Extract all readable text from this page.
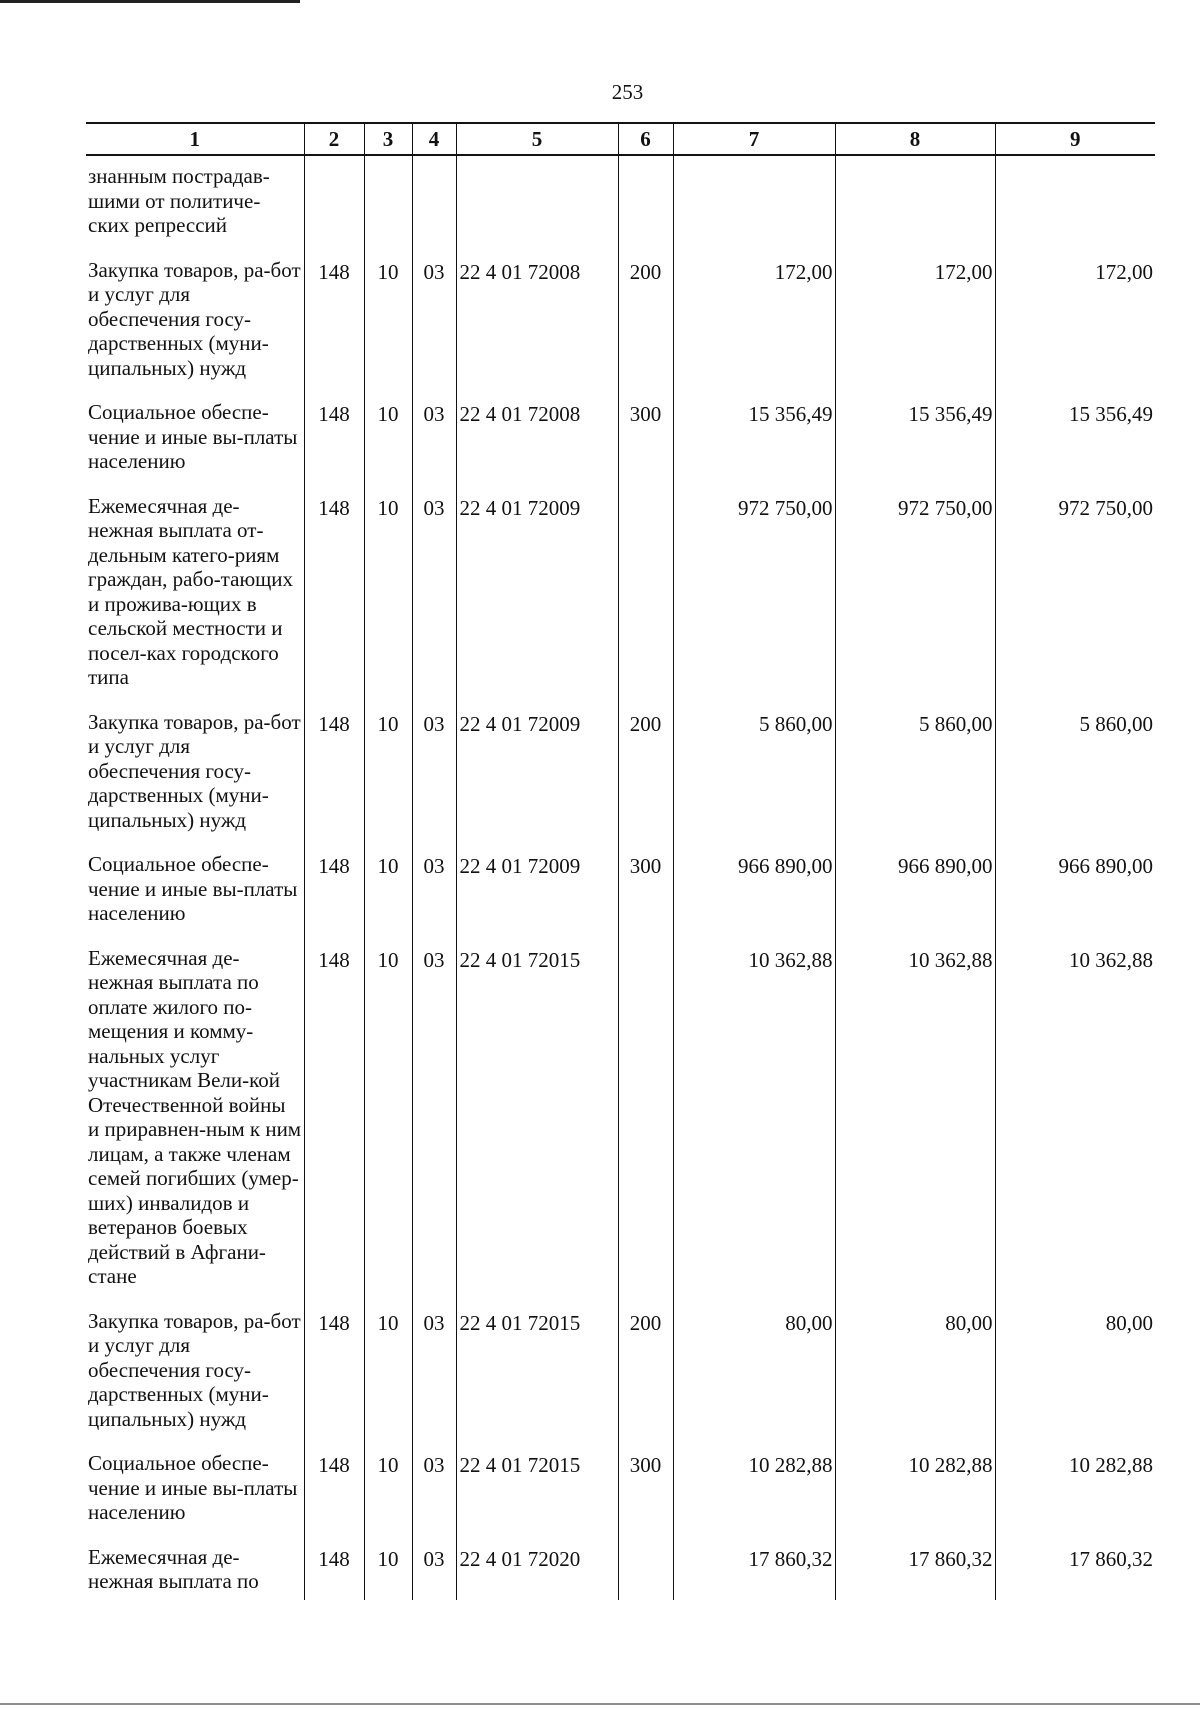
253
1	2	3	4	5	6	7	8	9
знанным пострадав-шими от политиче-ских репрессий								
Закупка товаров, ра-бот и услуг для обеспечения госу-дарственных (муни-ципальных) нужд	148	10	03	22 4 01 72008	200	172,00	172,00	172,00
Социальное обеспе-чение и иные вы-платы населению	148	10	03	22 4 01 72008	300	15 356,49	15 356,49	15 356,49
Ежемесячная де-нежная выплата от-дельным катего-риям граждан, рабо-тающих и прожива-ющих в сельской местности и посел-ках городского типа	148	10	03	22 4 01 72009		972 750,00	972 750,00	972 750,00
Закупка товаров, ра-бот и услуг для обеспечения госу-дарственных (муни-ципальных) нужд	148	10	03	22 4 01 72009	200	5 860,00	5 860,00	5 860,00
Социальное обеспе-чение и иные вы-платы населению	148	10	03	22 4 01 72009	300	966 890,00	966 890,00	966 890,00
Ежемесячная де-нежная выплата по оплате жилого по-мещения и комму-нальных услуг участникам Вели-кой Отечественной войны и приравнен-ным к ним лицам, а также членам семей погибших (умер-ших) инвалидов и ветеранов боевых действий в Афгани-стане	148	10	03	22 4 01 72015		10 362,88	10 362,88	10 362,88
Закупка товаров, ра-бот и услуг для обеспечения госу-дарственных (муни-ципальных) нужд	148	10	03	22 4 01 72015	200	80,00	80,00	80,00
Социальное обеспе-чение и иные вы-платы населению	148	10	03	22 4 01 72015	300	10 282,88	10 282,88	10 282,88
Ежемесячная де-нежная выплата по	148	10	03	22 4 01 72020		17 860,32	17 860,32	17 860,32
